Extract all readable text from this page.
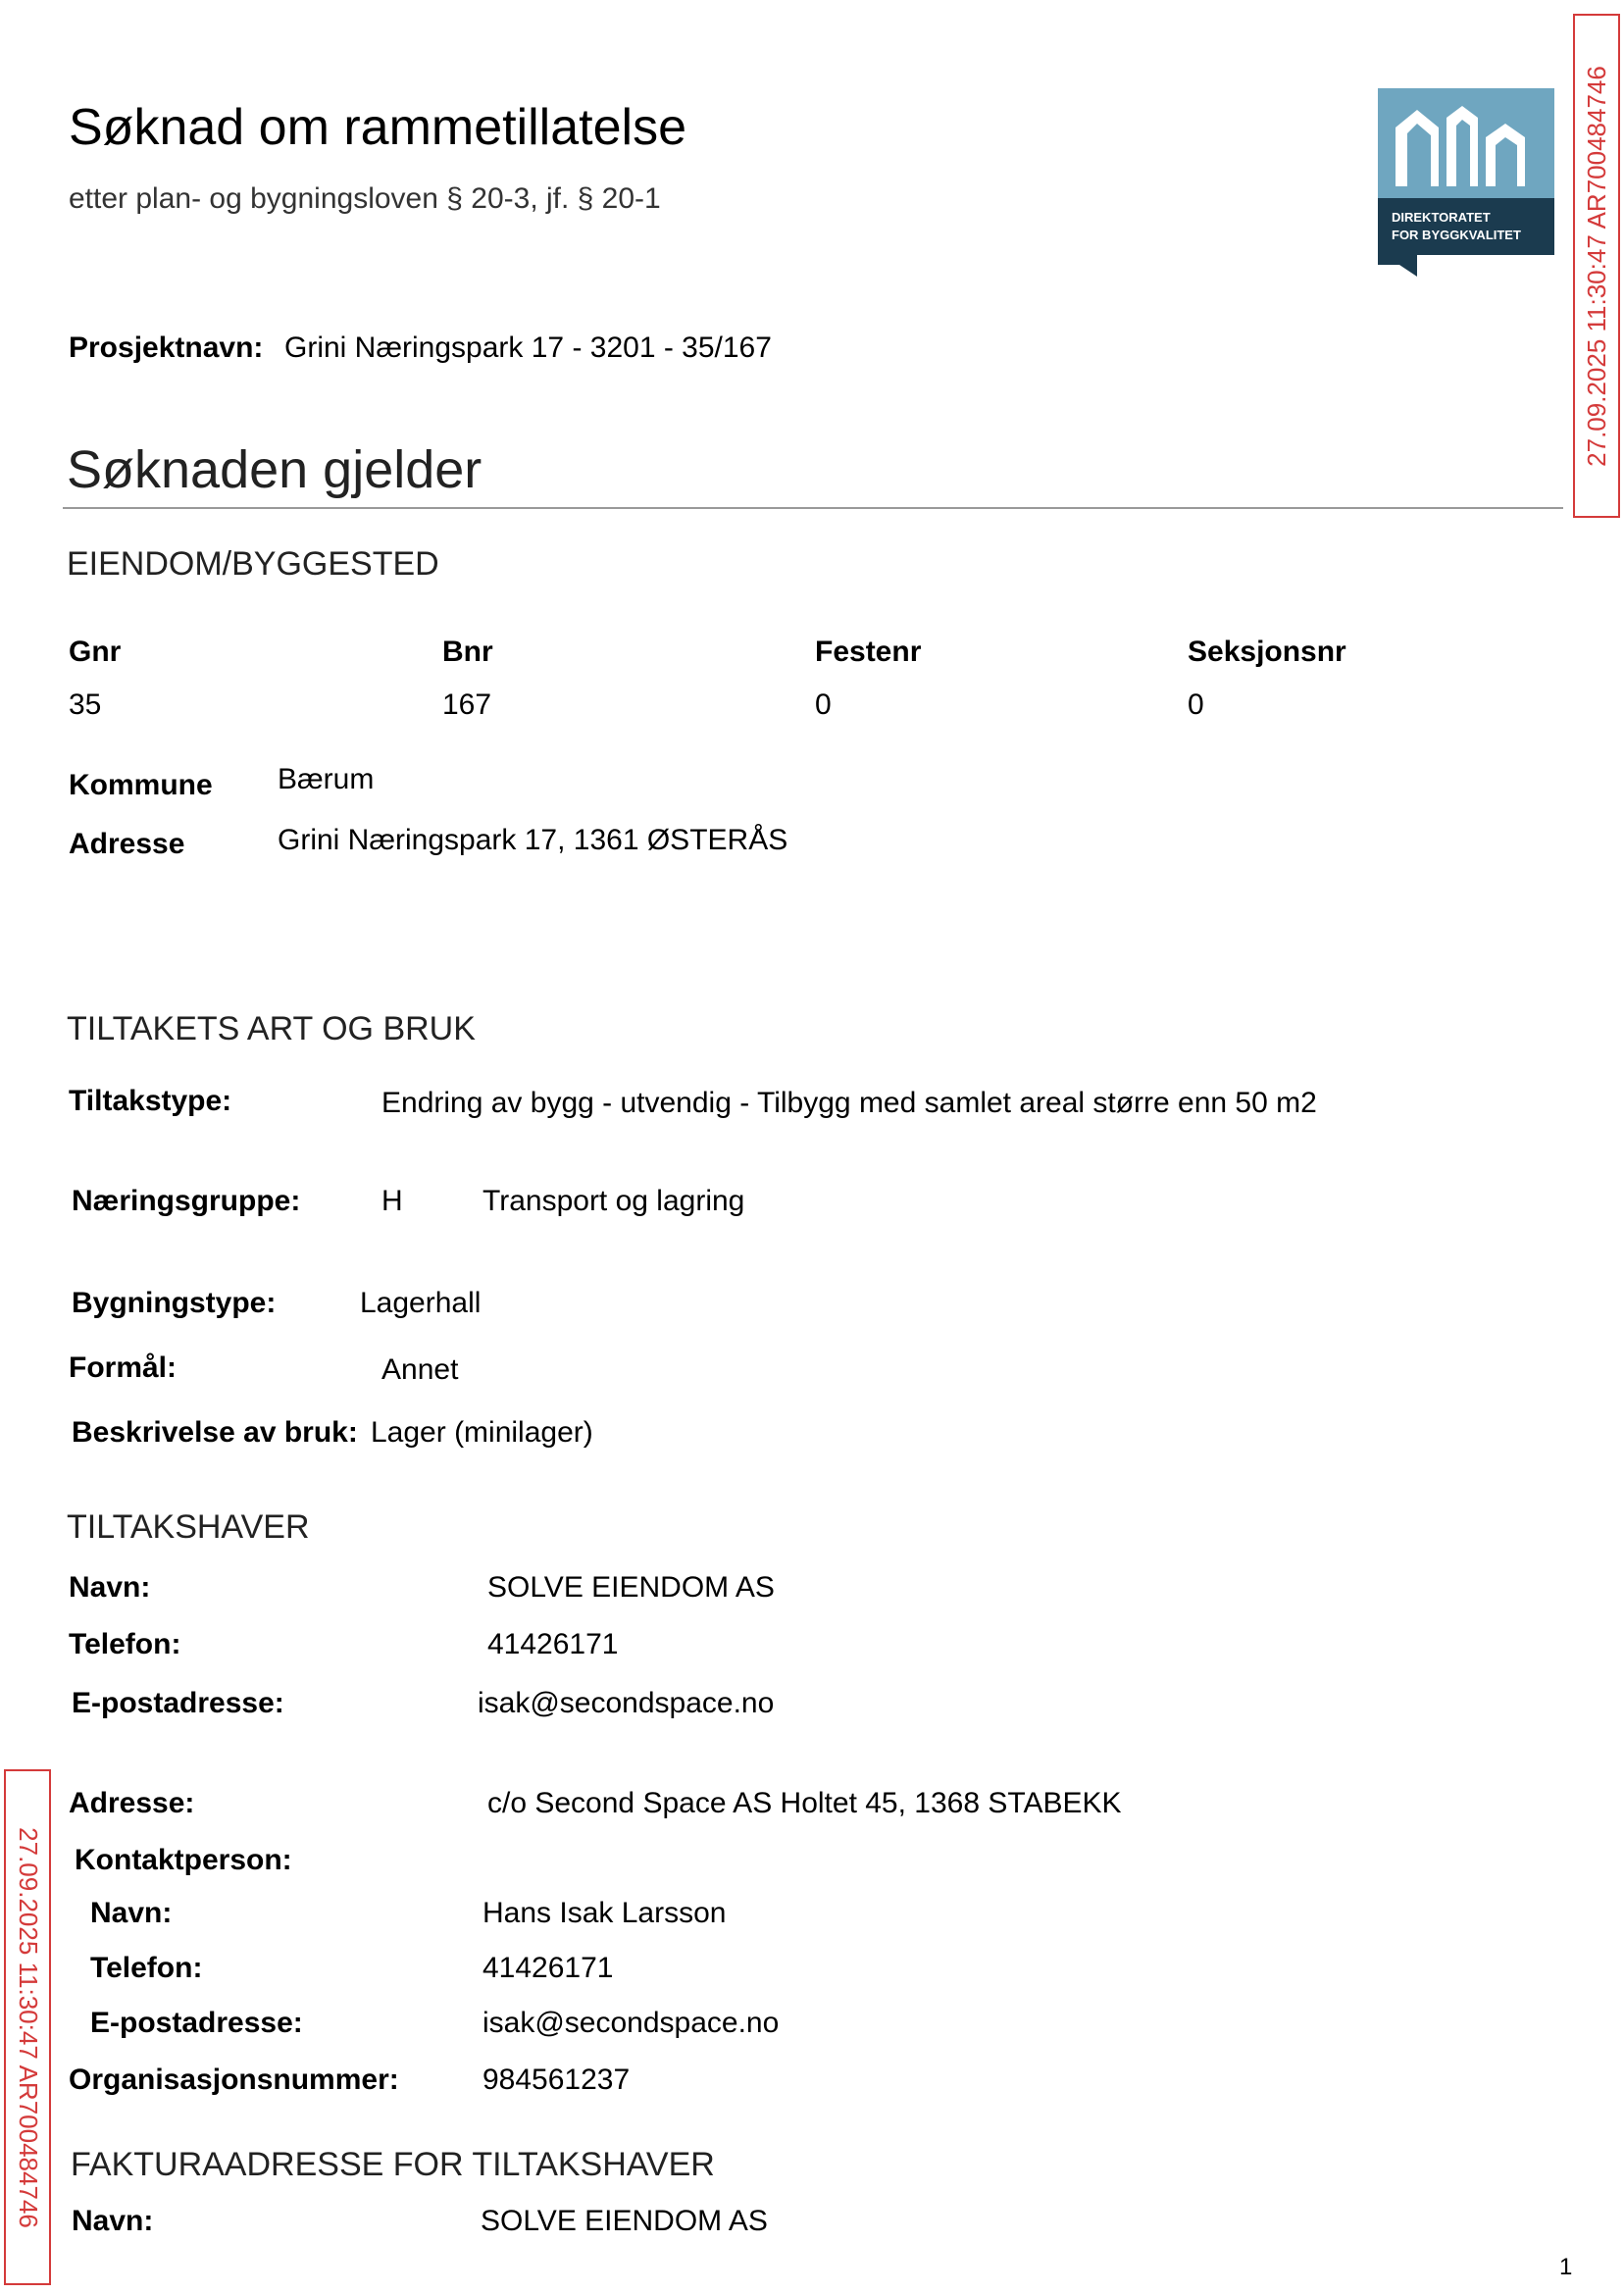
Søknad om rammetillatelse
etter plan- og bygningsloven § 20-3, jf. § 20-1
DIREKTORATET
FOR BYGGKVALITET 27.09.2025 11:30:47 AR700484746
27.09.2025 11:30:47 AR700484746
Prosjektnavn: Grini Næringspark 17 - 3201 - 35/167
Søknaden gjelder
EIENDOM/BYGGESTED
Gnr	Bnr	Festenr	Seksjonsnr
35	167	0	0
Kommune Bærum
Adresse	Grini Næringspark 17, 1361 ØSTERÅS
TILTAKETS ART OG BRUK
Tiltakstype:	Endring av bygg - utvendig - Tilbygg med samlet areal større enn 50 m2
Næringsgruppe:	H	Transport og lagring
Bygningstype:	Lagerhall
Formål:	Annet
Beskrivelse av bruk: Lager (minilager)
TILTAKSHAVER
Navn:	SOLVE EIENDOM AS
Telefon:	41426171
E-postadresse:	isak@secondspace.no
Adresse:	c/o Second Space AS Holtet 45, 1368 STABEKK
Kontaktperson:
Navn:	Hans Isak Larsson
Telefon:	41426171
E-postadresse:	isak@secondspace.no
Organisasjonsnummer:	984561237
FAKTURAADRESSE FOR TILTAKSHAVER
Navn:	SOLVE EIENDOM AS
1
